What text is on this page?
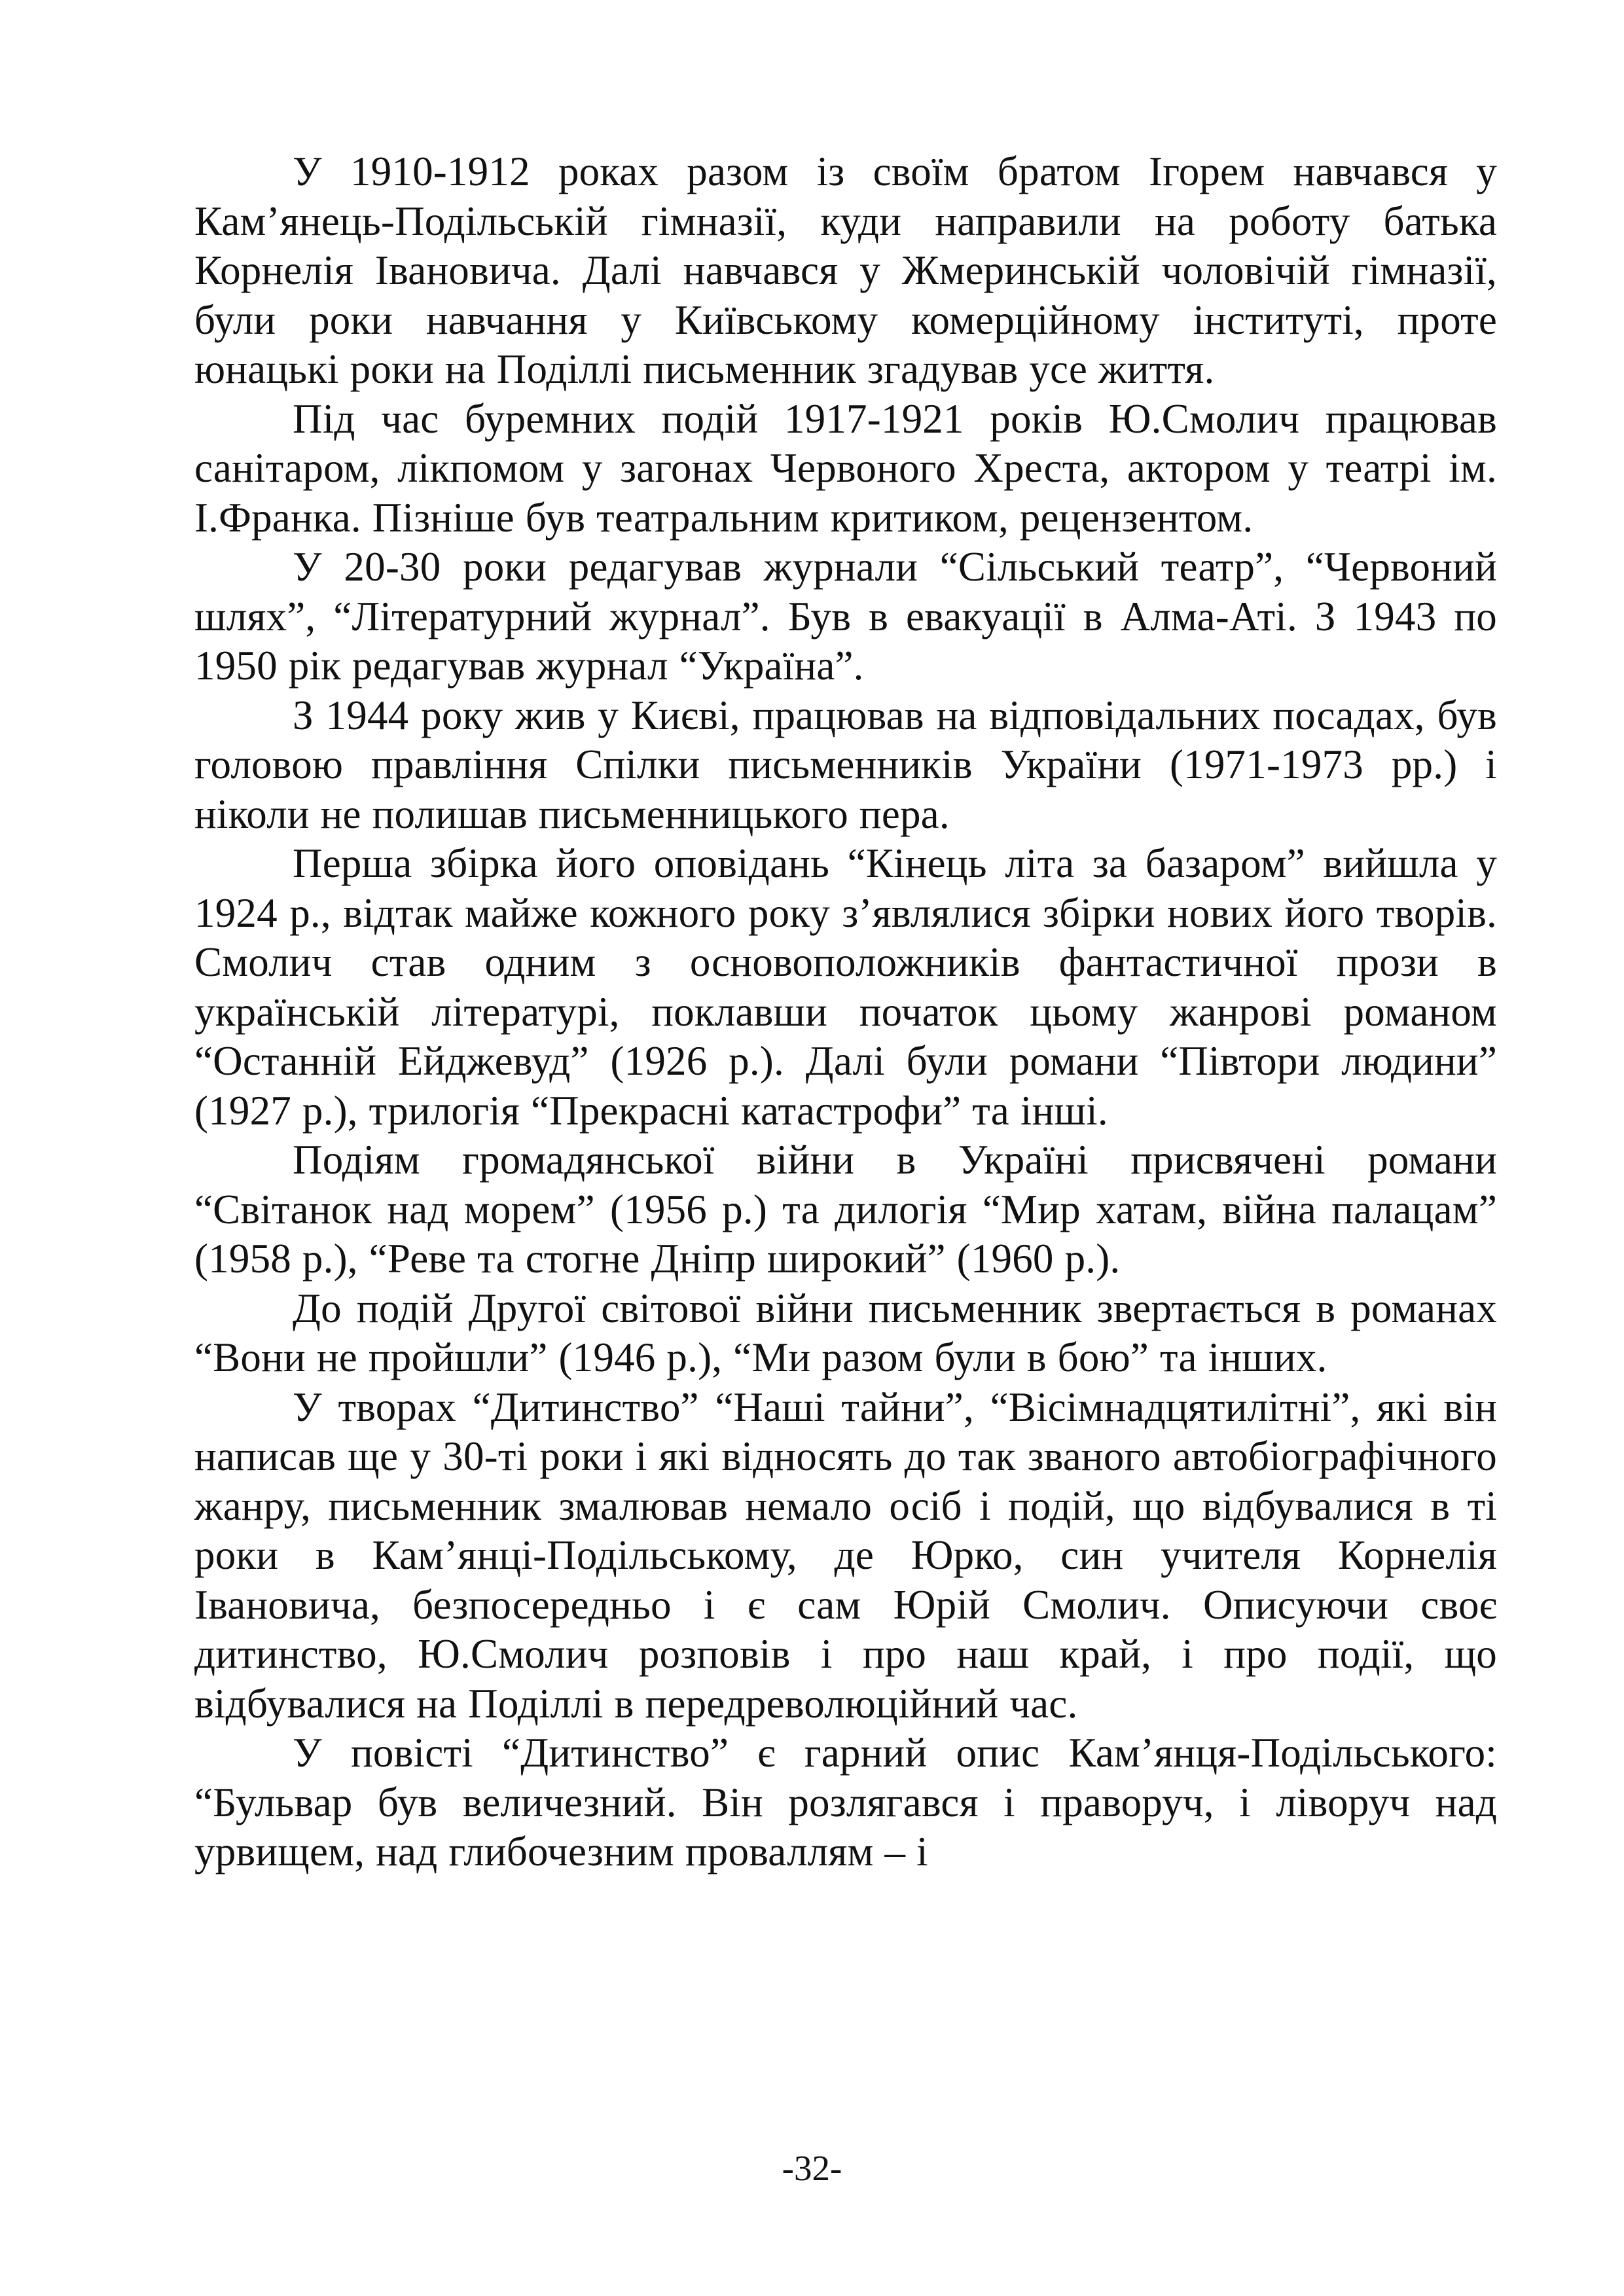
У 1910-1912 роках разом із своїм братом Ігорем навчався у Кам’янець-Подільській гімназії, куди направили на роботу батька Корнелія Івановича. Далі навчався у Жмеринській чоловічій гімназії, були роки навчання у Київському комерційному інституті, проте юнацькі роки на Поділлі письменник згадував усе життя.

Під час буремних подій 1917-1921 років Ю.Смолич працював санітаром, лікпомом у загонах Червоного Хреста, актором у театрі ім. І.Франка. Пізніше був театральним критиком, рецензентом.

У 20-30 роки редагував журнали “Сільський театр”, “Червоний шлях”, “Літературний журнал”. Був в евакуації в Алма-Аті. З 1943 по 1950 рік редагував журнал “Україна”.

З 1944 року жив у Києві, працював на відповідальних посадах, був головою правління Спілки письменників України (1971-1973 рр.) і ніколи не полишав письменницького пера.

Перша збірка його оповідань “Кінець літа за базаром” вийшла у 1924 р., відтак майже кожного року з’являлися збірки нових його творів. Смолич став одним з основоположників фантастичної прози в українській літературі, поклавши початок цьому жанрові романом “Останній Ейджевуд” (1926 р.). Далі були романи “Півтори людини” (1927 р.), трилогія “Прекрасні катастрофи” та інші.

Подіям громадянської війни в Україні присвячені романи “Світанок над морем” (1956 р.) та дилогія “Мир хатам, війна палацам” (1958 р.), “Реве та стогне Дніпр широкий” (1960 р.).

До подій Другої світової війни письменник звертається в романах “Вони не пройшли” (1946 р.), “Ми разом були в бою” та інших.

У творах “Дитинство” “Наші тайни”, “Вісімнадцятилітні”, які він написав ще у 30-ті роки і які відносять до так званого автобіографічного жанру, письменник змалював немало осіб і подій, що відбувалися в ті роки в Кам’янці-Подільському, де Юрко, син учителя Корнелія Івановича, безпосередньо і є сам Юрій Смолич. Описуючи своє дитинство, Ю.Смолич розповів і про наш край, і про події, що відбувалися на Поділлі в передреволюційний час.

У повісті “Дитинство” є гарний опис Кам’янця-Подільського: “Бульвар був величезний. Він розлягався і праворуч, і ліворуч над урвищем, над глибочезним проваллям – і

-32-
